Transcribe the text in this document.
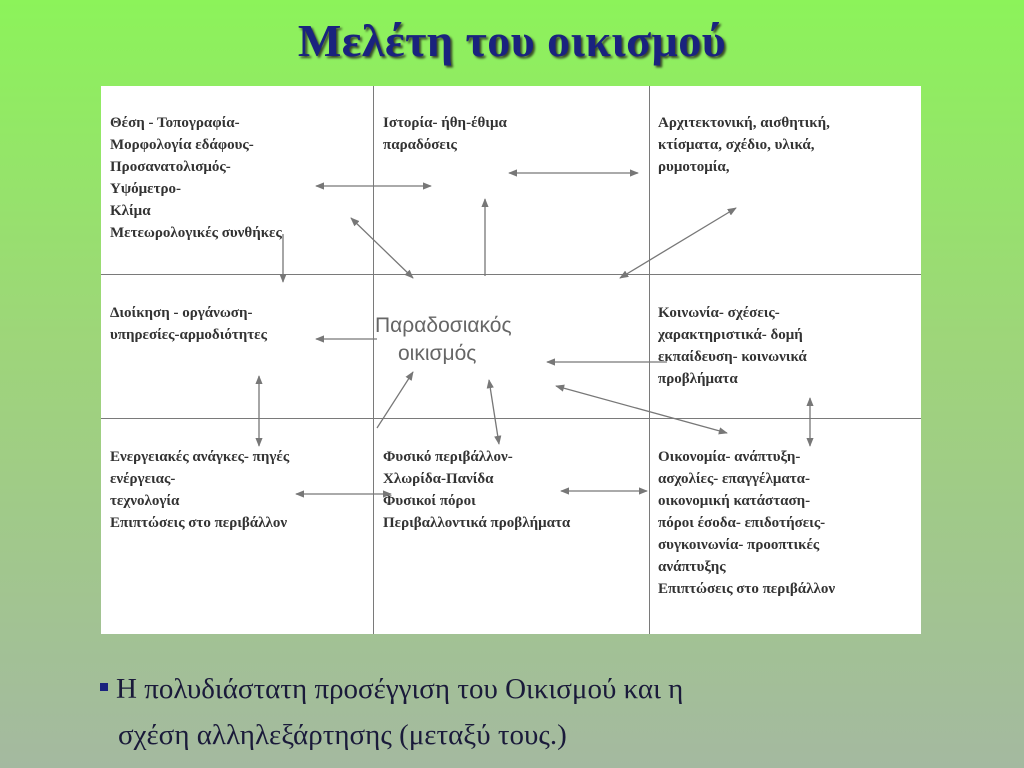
Μελέτη του οικισμού
Θέση - Τοπογραφία-
Μορφολογία εδάφους-
Προσανατολισμός-
Υψόμετρο-
Κλίμα
Μετεωρολογικές συνθήκες
Ιστορία- ήθη-έθιμα
παραδόσεις
Αρχιτεκτονική, αισθητική,
κτίσματα, σχέδιο, υλικά,
ρυμοτομία,
Διοίκηση - οργάνωση-
υπηρεσίες-αρμοδιότητες	Παραδοσιακός
οικισμός
Κοινωνία- σχέσεις-
χαρακτηριστικά- δομή
εκπαίδευση- κοινωνικά
προβλήματα
Ενεργειακές ανάγκες- πηγές
ενέργειας-
τεχνολογία
Επιπτώσεις στο περιβάλλον
Φυσικό περιβάλλον-
Χλωρίδα-Πανίδα
Φυσικοί πόροι
Περιβαλλοντικά προβλήματα
Οικονομία- ανάπτυξη-
ασχολίες- επαγγέλματα-
οικονομική κατάσταση-
πόροι έσοδα- επιδοτήσεις-
συγκοινωνία- προοπτικές
ανάπτυξης
Επιπτώσεις στο περιβάλλον
Η πολυδιάστατη προσέγγιση του Οικισμού και η
σχέση αλληλεξάρτησης (μεταξύ τους.)
